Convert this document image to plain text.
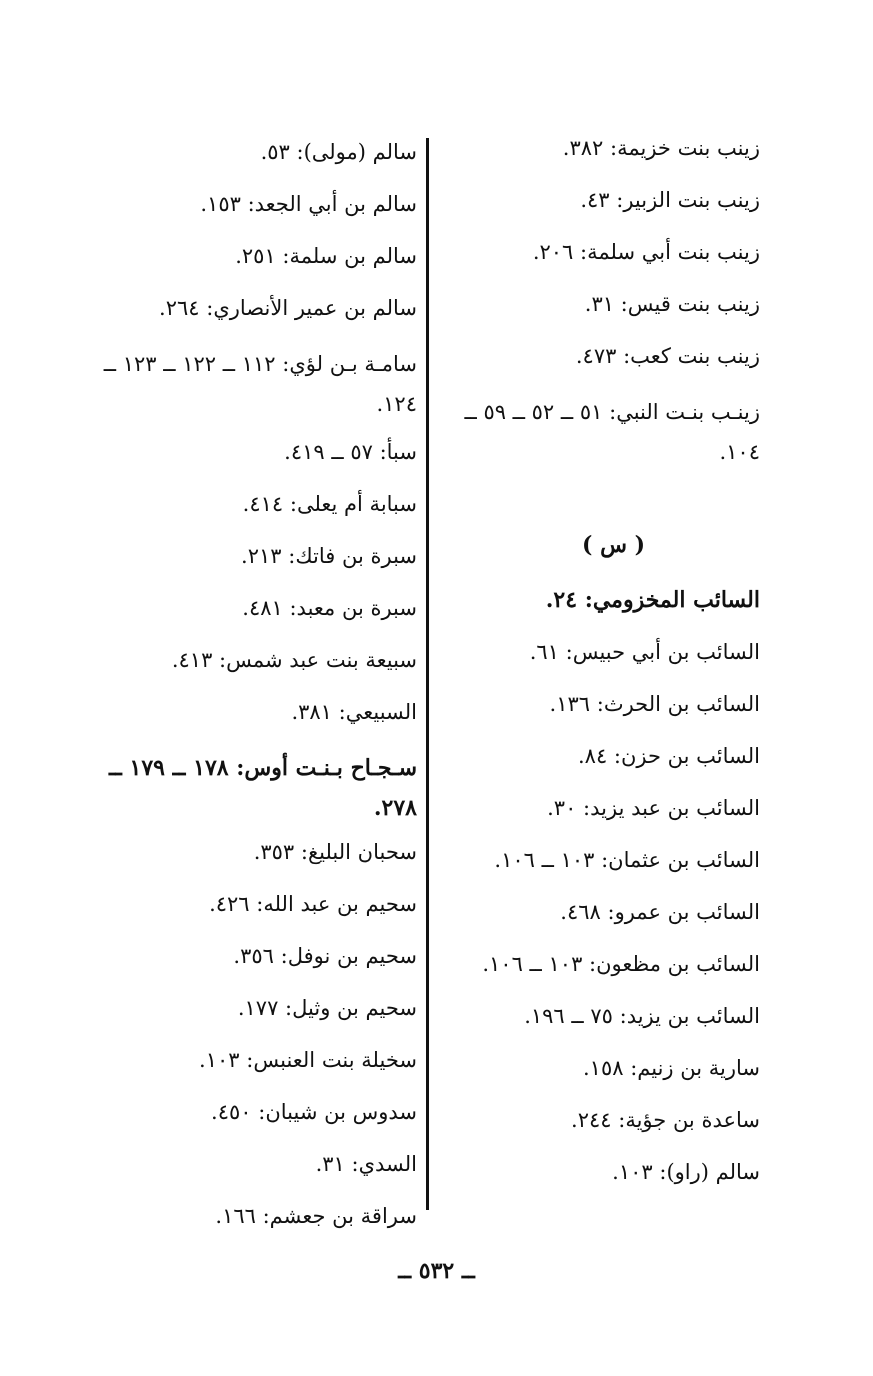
زينب بنت خزيمة: ٣٨٢.
زينب بنت الزبير: ٤٣.
زينب بنت أبي سلمة: ٢٠٦.
زينب بنت قيس: ٣١.
زينب بنت كعب: ٤٧٣.
زينـب بنـت النبي: ٥١ ــ ٥٢ ــ ٥٩ ــ ١٠٤.
( س )
السائب المخزومي: ٢٤.
السائب بن أبي حبيس: ٦١.
السائب بن الحرث: ١٣٦.
السائب بن حزن: ٨٤.
السائب بن عبد يزيد: ٣٠.
السائب بن عثمان: ١٠٣ ــ ١٠٦.
السائب بن عمرو: ٤٦٨.
السائب بن مظعون: ١٠٣ ــ ١٠٦.
السائب بن يزيد: ٧٥ ــ ١٩٦.
سارية بن زنيم: ١٥٨.
ساعدة بن جؤية: ٢٤٤.
سالم (راو): ١٠٣.
سالم (مولى): ٥٣.
سالم بن أبي الجعد: ١٥٣.
سالم بن سلمة: ٢٥١.
سالم بن عمير الأنصاري: ٢٦٤.
سامـة بـن لؤي: ١١٢ ــ ١٢٢ ــ ١٢٣ ــ ١٢٤.
سبأ: ٥٧ ــ ٤١٩.
سبابة أم يعلى: ٤١٤.
سبرة بن فاتك: ٢١٣.
سبرة بن معبد: ٤٨١.
سبيعة بنت عبد شمس: ٤١٣.
السبيعي: ٣٨١.
سـجـاح بـنـت أوس: ١٧٨ ــ ١٧٩ ــ ٢٧٨.
سحبان البليغ: ٣٥٣.
سحيم بن عبد الله: ٤٢٦.
سحيم بن نوفل: ٣٥٦.
سحيم بن وثيل: ١٧٧.
سخيلة بنت العنبس: ١٠٣.
سدوس بن شيبان: ٤٥٠.
السدي: ٣١.
سراقة بن جعشم: ١٦٦.
ــ ٥٣٢ ــ
